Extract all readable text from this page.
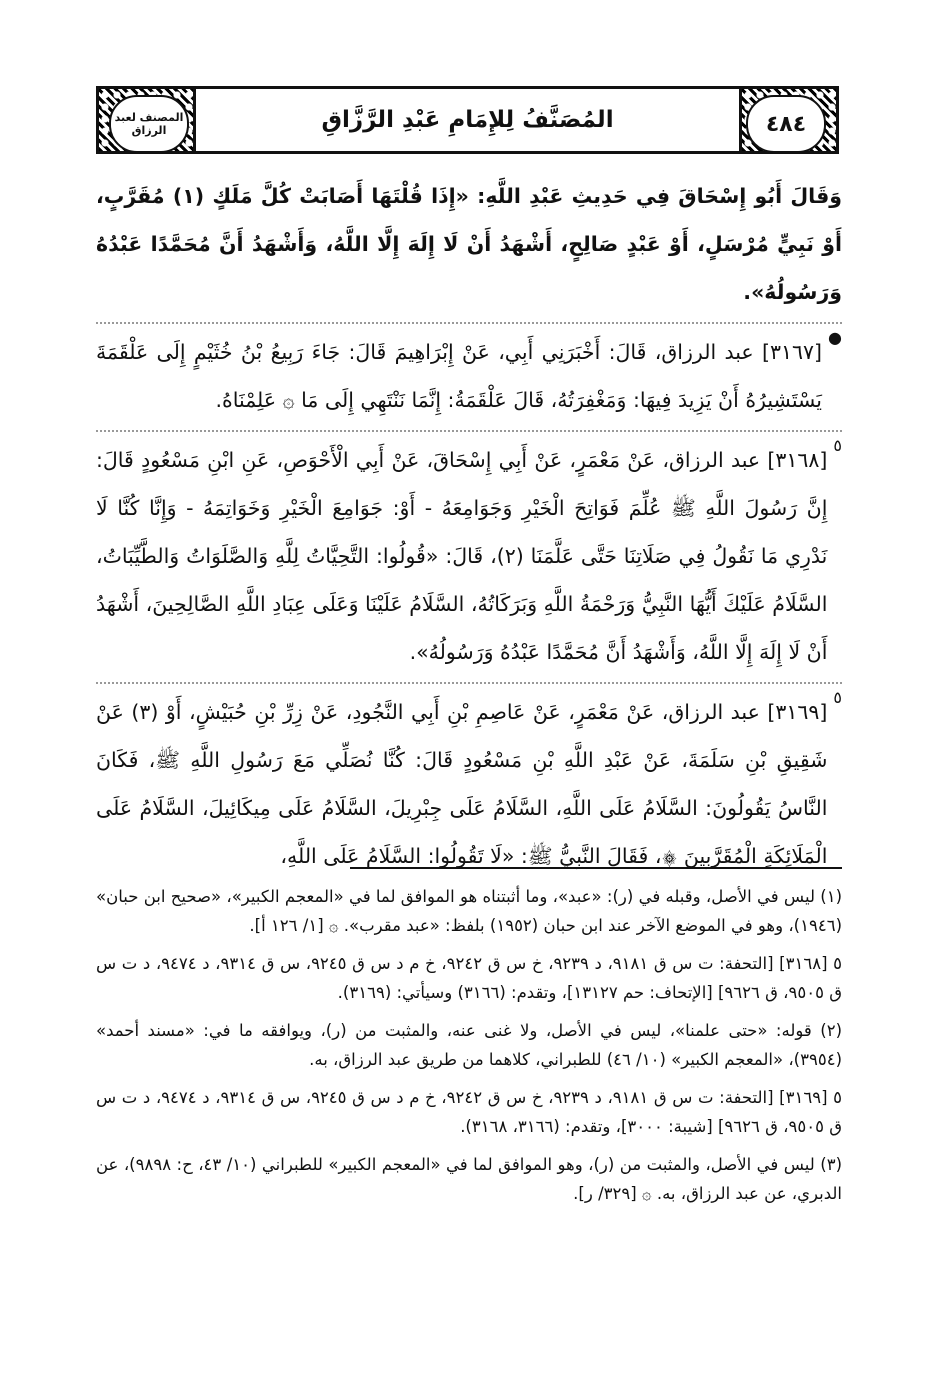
٤٨٤
المُصَنَّفُ لِلإِمَامِ عَبْدِ الرَّزَّاقِ
المصنف لعبد الرزاق

وَقَالَ أَبُو إِسْحَاقَ فِي حَدِيثِ عَبْدِ اللَّهِ: «إِذَا قُلْتَهَا أَصَابَتْ كُلَّ مَلَكٍ (١) مُقَرَّبٍ، أَوْ نَبِيٍّ مُرْسَلٍ، أَوْ عَبْدٍ صَالِحٍ، أَشْهَدُ أَنْ لَا إِلَهَ إِلَّا اللَّهُ، وَأَشْهَدُ أَنَّ مُحَمَّدًا عَبْدُهُ وَرَسُولُهُ».

●

[٣١٦٧] عبد الرزاق، قَالَ: أَخْبَرَنِي أَبِي، عَنْ إِبْرَاهِيمَ قَالَ: جَاءَ رَبِيعُ بْنُ خُثَيْمٍ إِلَى عَلْقَمَةَ يَسْتَشِيرُهُ أَنْ يَزِيدَ فِيهَا: وَمَغْفِرَتُهُ، قَالَ عَلْقَمَةُ: إِنَّمَا نَنْتَهِي إِلَى مَا ۞ عَلِمْنَاهُ.

٥

[٣١٦٨] عبد الرزاق، عَنْ مَعْمَرٍ، عَنْ أَبِي إِسْحَاقَ، عَنْ أَبِي الْأَحْوَصِ، عَنِ ابْنِ مَسْعُودٍ قَالَ: إِنَّ رَسُولَ اللَّهِ ﷺ عُلِّمَ فَوَاتِحَ الْخَيْرِ وَجَوَامِعَهُ - أَوْ: جَوَامِعَ الْخَيْرِ وَخَوَاتِمَهُ - وَإِنَّا كُنَّا لَا نَدْرِي مَا نَقُولُ فِي صَلَاتِنَا حَتَّى عَلَّمَنَا (٢)، قَالَ: «قُولُوا: التَّحِيَّاتُ لِلَّهِ وَالصَّلَوَاتُ وَالطَّيِّبَاتُ، السَّلَامُ عَلَيْكَ أَيُّهَا النَّبِيُّ وَرَحْمَةُ اللَّهِ وَبَرَكَاتُهُ، السَّلَامُ عَلَيْنَا وَعَلَى عِبَادِ اللَّهِ الصَّالِحِينَ، أَشْهَدُ أَنْ لَا إِلَهَ إِلَّا اللَّهُ، وَأَشْهَدُ أَنَّ مُحَمَّدًا عَبْدُهُ وَرَسُولُهُ».

٥

[٣١٦٩] عبد الرزاق، عَنْ مَعْمَرٍ، عَنْ عَاصِمِ بْنِ أَبِي النَّجُودِ، عَنْ زِرِّ بْنِ حُبَيْشٍ، أَوْ (٣) عَنْ شَقِيقِ بْنِ سَلَمَةَ، عَنْ عَبْدِ اللَّهِ بْنِ مَسْعُودٍ قَالَ: كُنَّا نُصَلِّي مَعَ رَسُولِ اللَّهِ ﷺ، فَكَانَ النَّاسُ يَقُولُونَ: السَّلَامُ عَلَى اللَّهِ، السَّلَامُ عَلَى جِبْرِيلَ، السَّلَامُ عَلَى مِيكَائِيلَ، السَّلَامُ عَلَى الْمَلَائِكَةِ الْمُقَرَّبِينَ ۞، فَقَالَ النَّبِيُّ ﷺ: «لَا تَقُولُوا: السَّلَامُ عَلَى اللَّهِ،

(١) ليس في الأصل، وقبله في (ر): «عبد»، وما أثبتناه هو الموافق لما في «المعجم الكبير»، «صحيح ابن حبان» (١٩٤٦)، وهو في الموضع الآخر عند ابن حبان (١٩٥٢) بلفظ: «عبد مقرب». ۞ [١/ ١٢٦ أ].

٥ [٣١٦٨] [التحفة: ت س ق ٩١٨١، د ٩٢٣٩، خ س ق ٩٢٤٢، خ م د س ق ٩٢٤٥، س ق ٩٣١٤، د ٩٤٧٤، د ت س ق ٩٥٠٥، ق ٩٦٢٦] [الإتحاف: حم ١٣١٢٧]، وتقدم: (٣١٦٦) وسيأتي: (٣١٦٩).

(٢) قوله: «حتى علمنا»، ليس في الأصل، ولا غنى عنه، والمثبت من (ر)، ويوافقه ما في: «مسند أحمد» (٣٩٥٤)، «المعجم الكبير» (١٠/ ٤٦) للطبراني، كلاهما من طريق عبد الرزاق، به.

٥ [٣١٦٩] [التحفة: ت س ق ٩١٨١، د ٩٢٣٩، خ س ق ٩٢٤٢، خ م د س ق ٩٢٤٥، س ق ٩٣١٤، د ٩٤٧٤، د ت س ق ٩٥٠٥، ق ٩٦٢٦] [شيبة: ٣٠٠٠]، وتقدم: (٣١٦٦، ٣١٦٨).

(٣) ليس في الأصل، والمثبت من (ر)، وهو الموافق لما في «المعجم الكبير» للطبراني (١٠/ ٤٣، ح: ٩٨٩٨)، عن الدبري، عن عبد الرزاق، به. ۞ [٣٢٩/ ر].
